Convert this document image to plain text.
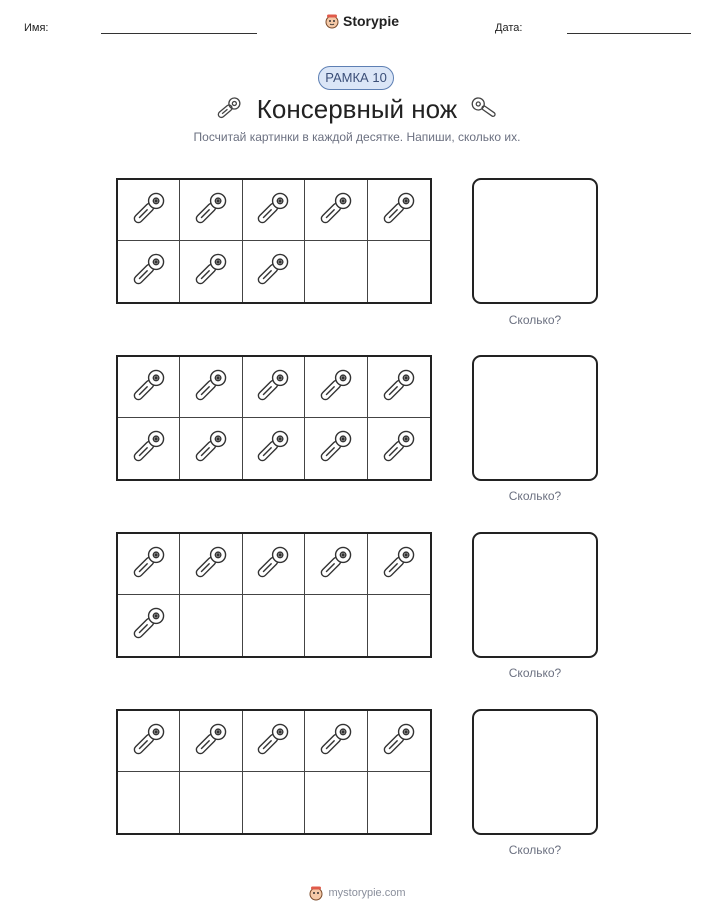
Имя:	Storypie	Дата:
РАМКА 10
Консервный нож
Посчитай картинки в каждой десятке. Напиши, сколько их.
Сколько?
Сколько?
Сколько?
Сколько?
mystorypie.com
